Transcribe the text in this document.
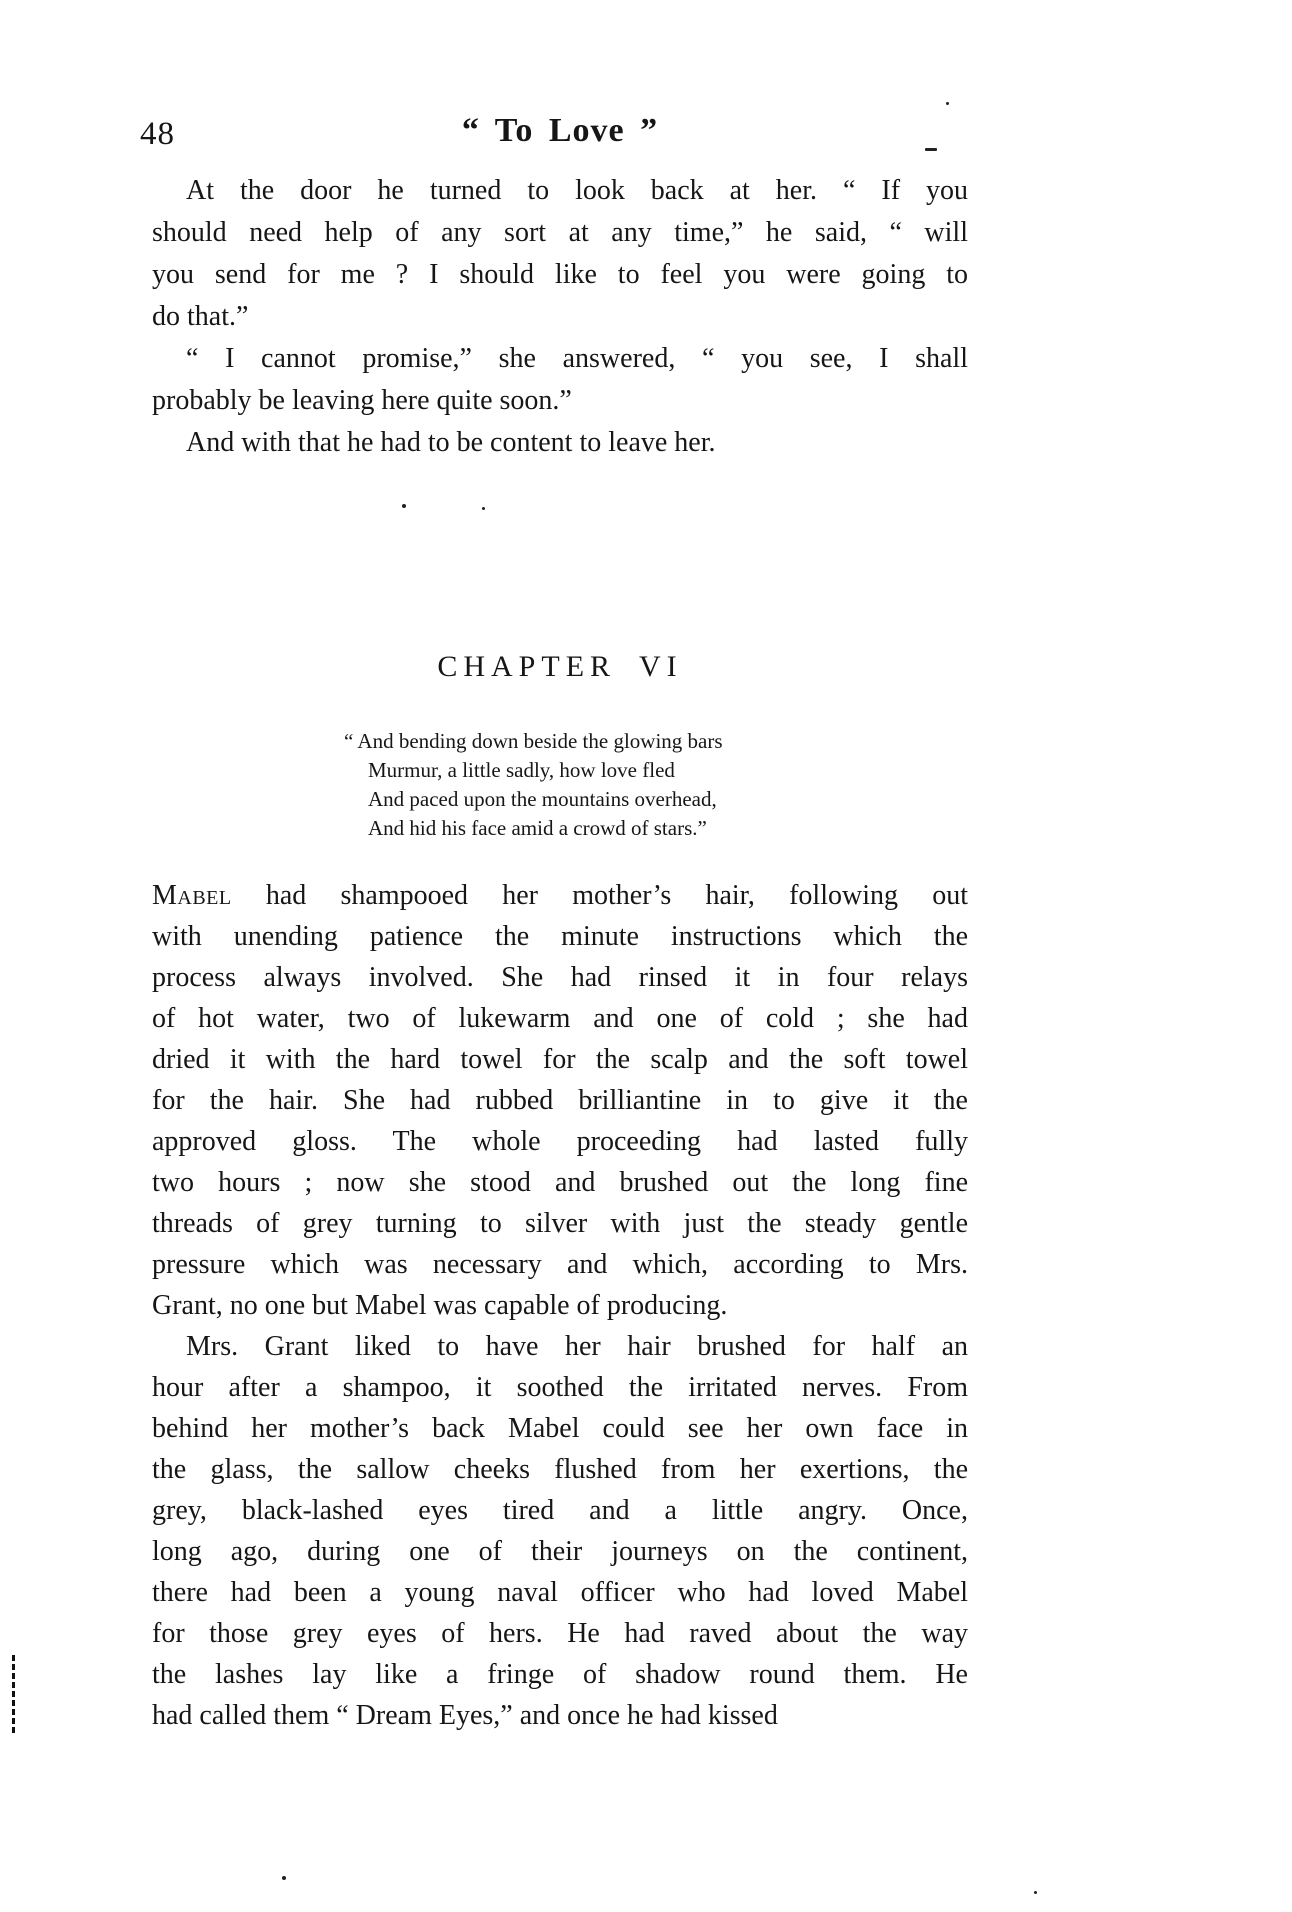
48	“ To Love ”
At the door he turned to look back at her. “ If you
should need help of any sort at any time,” he said, “ will
you send for me ? I should like to feel you were going to
do that.”
“ I cannot promise,” she answered, “ you see, I shall
probably be leaving here quite soon.”
And with that he had to be content to leave her.
CHAPTER VI
“ And bending down beside the glowing bars
Murmur, a little sadly, how love fled
And paced upon the mountains overhead,
And hid his face amid a crowd of stars.”
Mabel had shampooed her mother’s hair, following out
with unending patience the minute instructions which the
process always involved. She had rinsed it in four relays
of hot water, two of lukewarm and one of cold ; she had
dried it with the hard towel for the scalp and the soft towel
for the hair. She had rubbed brilliantine in to give it the
approved gloss. The whole proceeding had lasted fully
two hours ; now she stood and brushed out the long fine
threads of grey turning to silver with just the steady gentle
pressure which was necessary and which, according to Mrs.
Grant, no one but Mabel was capable of producing.
Mrs. Grant liked to have her hair brushed for half an
hour after a shampoo, it soothed the irritated nerves. From
behind her mother’s back Mabel could see her own face in
the glass, the sallow cheeks flushed from her exertions, the
grey, black-lashed eyes tired and a little angry. Once,
long ago, during one of their journeys on the continent,
there had been a young naval officer who had loved Mabel
for those grey eyes of hers. He had raved about the way
the lashes lay like a fringe of shadow round them. He
had called them “ Dream Eyes,” and once he had kissed
